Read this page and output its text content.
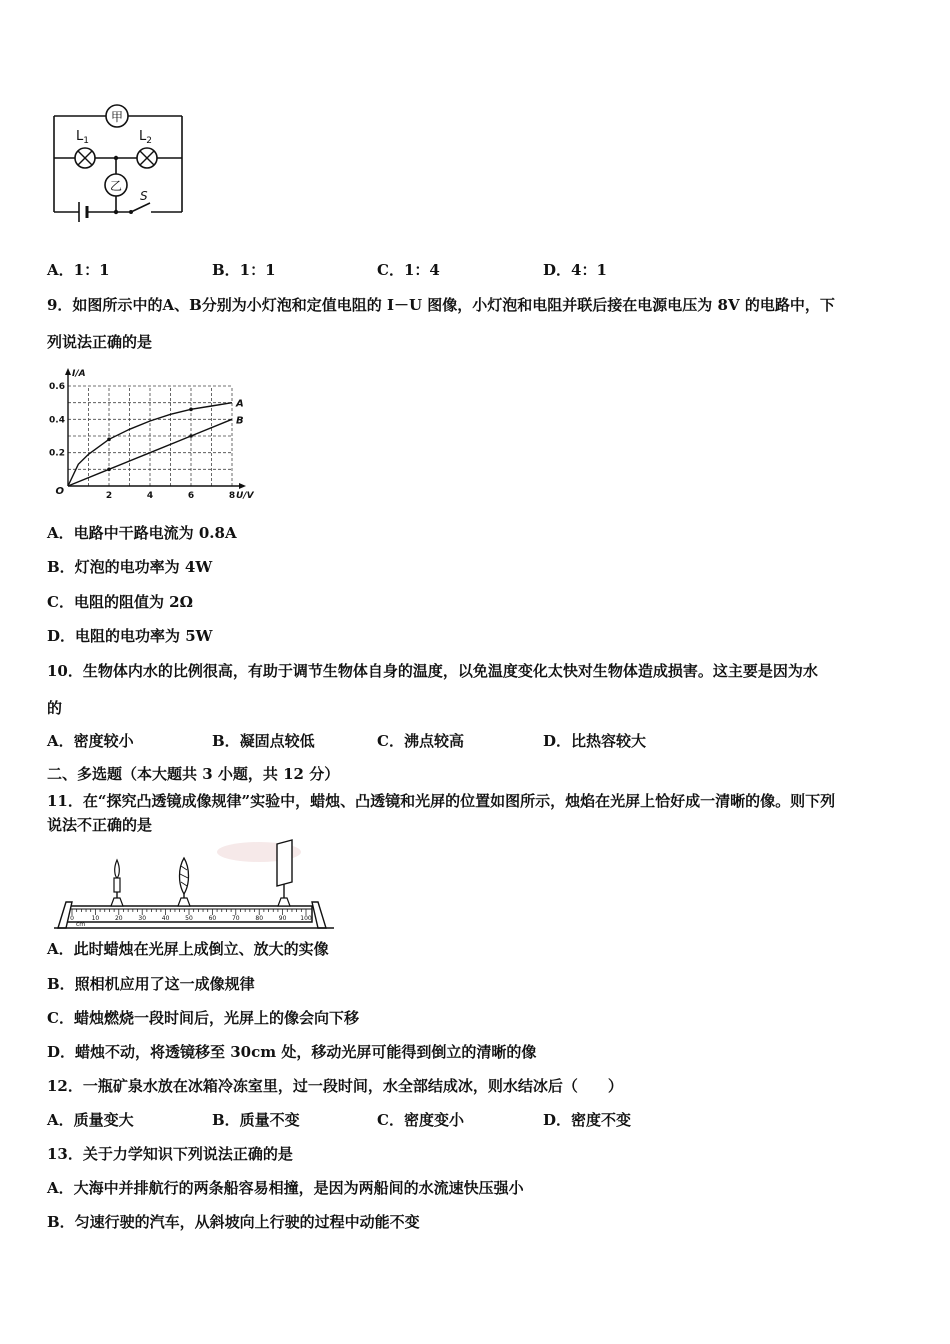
S
甲
乙
$L_1$	$L_2$
A．1：1	B．1：1	C．1：4	D．4：1
9．如图所示中的A、B分别为小灯泡和定值电阻的 I－U 图像，小灯泡和电阻并联后接在电源电压为 8V 的电路中，下
列说法正确的是
2	4	6	8
0.2
0.4
0.6
O	U/V
I/A
A
B
A．电路中干路电流为 0.8A
B．灯泡的电功率为 4W
C．电阻的阻值为 2Ω
D．电阻的电功率为 5W
10．生物体内水的比例很高，有助于调节生物体自身的温度，以免温度变化太快对生物体造成损害。这主要是因为水
的
A．密度较小	B．凝固点较低	C．沸点较高	D．比热容较大
二、多选题（本大题共 3 小题，共 12 分）
11．在“探究凸透镜成像规律”实验中，蜡烛、凸透镜和光屏的位置如图所示，烛焰在光屏上恰好成一清晰的像。则下列
说法不正确的是
0	10	20	30	40	50	60	70	80	90 100
cm
A．此时蜡烛在光屏上成倒立、放大的实像
B．照相机应用了这一成像规律
C．蜡烛燃烧一段时间后，光屏上的像会向下移
D．蜡烛不动，将透镜移至 30cm 处，移动光屏可能得到倒立的清晰的像
12．一瓶矿泉水放在冰箱冷冻室里，过一段时间，水全部结成冰，则水结冰后（　　）
A．质量变大	B．质量不变	C．密度变小	D．密度不变
13．关于力学知识下列说法正确的是
A．大海中并排航行的两条船容易相撞，是因为两船间的水流速快压强小
B．匀速行驶的汽车，从斜坡向上行驶的过程中动能不变
